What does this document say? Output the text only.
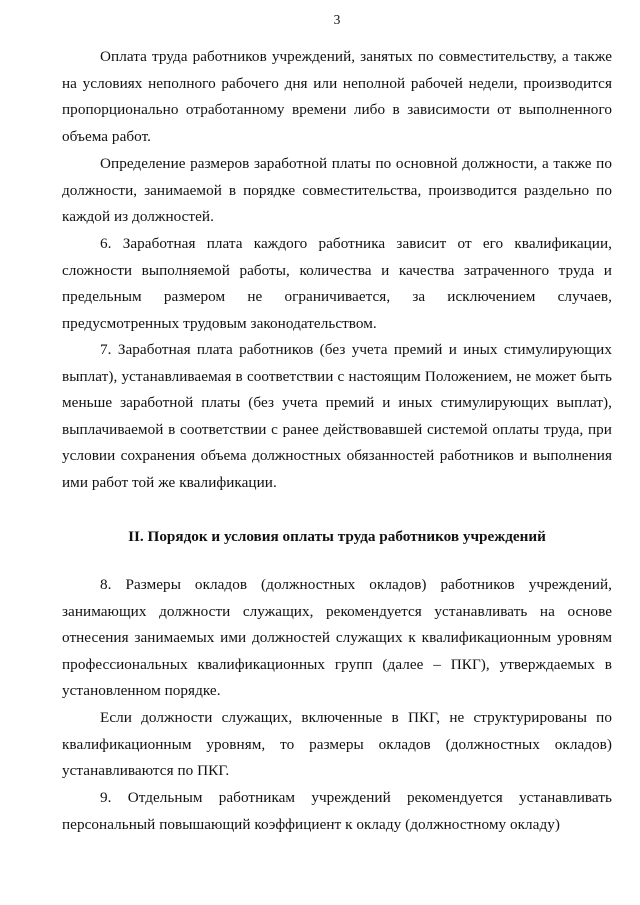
3

Оплата труда работников учреждений, занятых по совместительству, а также на условиях неполного рабочего дня или неполной рабочей недели, производится пропорционально отработанному времени либо в зависимости от выполненного объема работ.

Определение размеров заработной платы по основной должности, а также по должности, занимаемой в порядке совместительства, производится раздельно по каждой из должностей.

6. Заработная плата каждого работника зависит от его квалификации, сложности выполняемой работы, количества и качества затраченного труда и предельным размером не ограничивается, за исключением случаев, предусмотренных трудовым законодательством.

7. Заработная плата работников (без учета премий и иных стимулирующих выплат), устанавливаемая в соответствии с настоящим Положением, не может быть меньше заработной платы (без учета премий и иных стимулирующих выплат), выплачиваемой в соответствии с ранее действовавшей системой оплаты труда, при условии сохранения объема должностных обязанностей работников и выполнения ими работ той же квалификации.

II. Порядок и условия оплаты труда работников учреждений

8. Размеры окладов (должностных окладов) работников учреждений, занимающих должности служащих, рекомендуется устанавливать на основе отнесения занимаемых ими должностей служащих к квалификационным уровням профессиональных квалификационных групп (далее – ПКГ), утверждаемых в установленном порядке.

Если должности служащих, включенные в ПКГ, не структурированы по квалификационным уровням, то размеры окладов (должностных окладов) устанавливаются по ПКГ.

9. Отдельным работникам учреждений рекомендуется устанавливать персональный повышающий коэффициент к окладу (должностному окладу)
